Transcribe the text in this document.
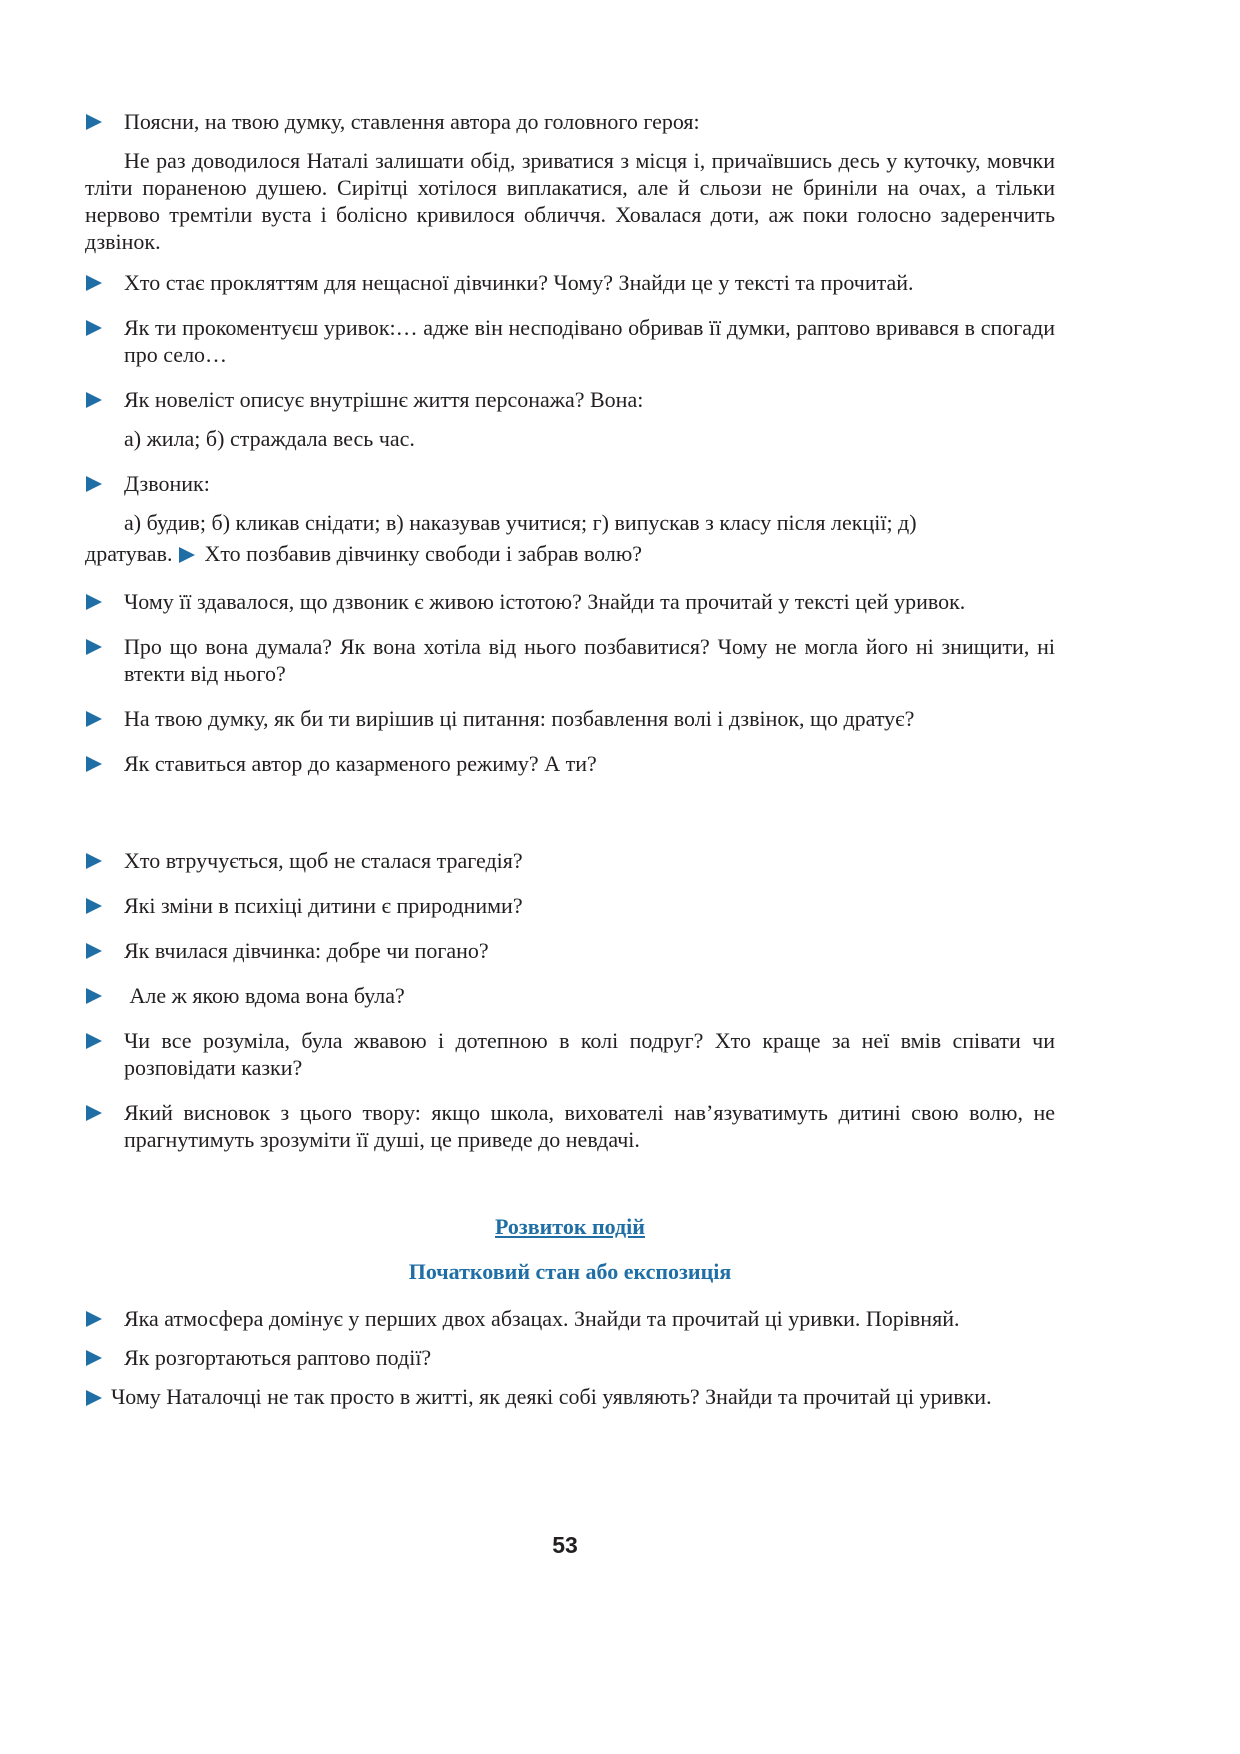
Поясни, на твою думку, ставлення автора до головного героя:
Не раз доводилося Наталі залишати обід, зриватися з місця і, причаївшись десь у куточку, мовчки тліти пораненою душею. Сирітці хотілося виплакатися, але й сльози не бриніли на очах, а тільки нервово тремтіли вуста і болісно кривилося обличчя. Ховалася доти, аж поки голосно задеренчить дзвінок.
Хто стає прокляттям для нещасної дівчинки? Чому? Знайди це у тексті та прочитай.
Як ти прокоментуєш уривок:… адже він несподівано обривав її думки, раптово вривався в спогади про село…
Як новеліст описує внутрішнє життя персонажа? Вона:
а) жила; б) страждала весь час.
Дзвоник:
а) будив; б) кликав снідати; в) наказував учитися; г) випускав з класу після лекції; д)
дратував. Хто позбавив дівчинку свободи і забрав волю?
Чому її здавалося, що дзвоник є живою істотою? Знайди та прочитай у тексті цей уривок.
Про що вона думала? Як вона хотіла від нього позбавитися? Чому не могла його ні знищити, ні втекти від нього?
На твою думку, як би ти вирішив ці питання: позбавлення волі і дзвінок, що дратує?
Як ставиться автор до казарменого режиму? А ти?
Хто втручується, щоб не сталася трагедія?
Які зміни в психіці дитини є природними?
Як вчилася дівчинка: добре чи погано?
Але ж якою вдома вона була?
Чи все розуміла, була жвавою і дотепною в колі подруг? Хто краще за неї вмів співати чи розповідати казки?
Який висновок з цього твору: якщо школа, вихователі нав’язуватимуть дитині свою волю, не прагнутимуть зрозуміти її душі, це приведе до невдачі.
Розвиток подій
Початковий стан або експозиція
Яка атмосфера домінує у перших двох абзацах. Знайди та прочитай ці уривки. Порівняй.
Як розгортаються раптово події?
Чому Наталочці не так просто в житті, як деякі собі уявляють? Знайди та прочитай ці уривки.
53
